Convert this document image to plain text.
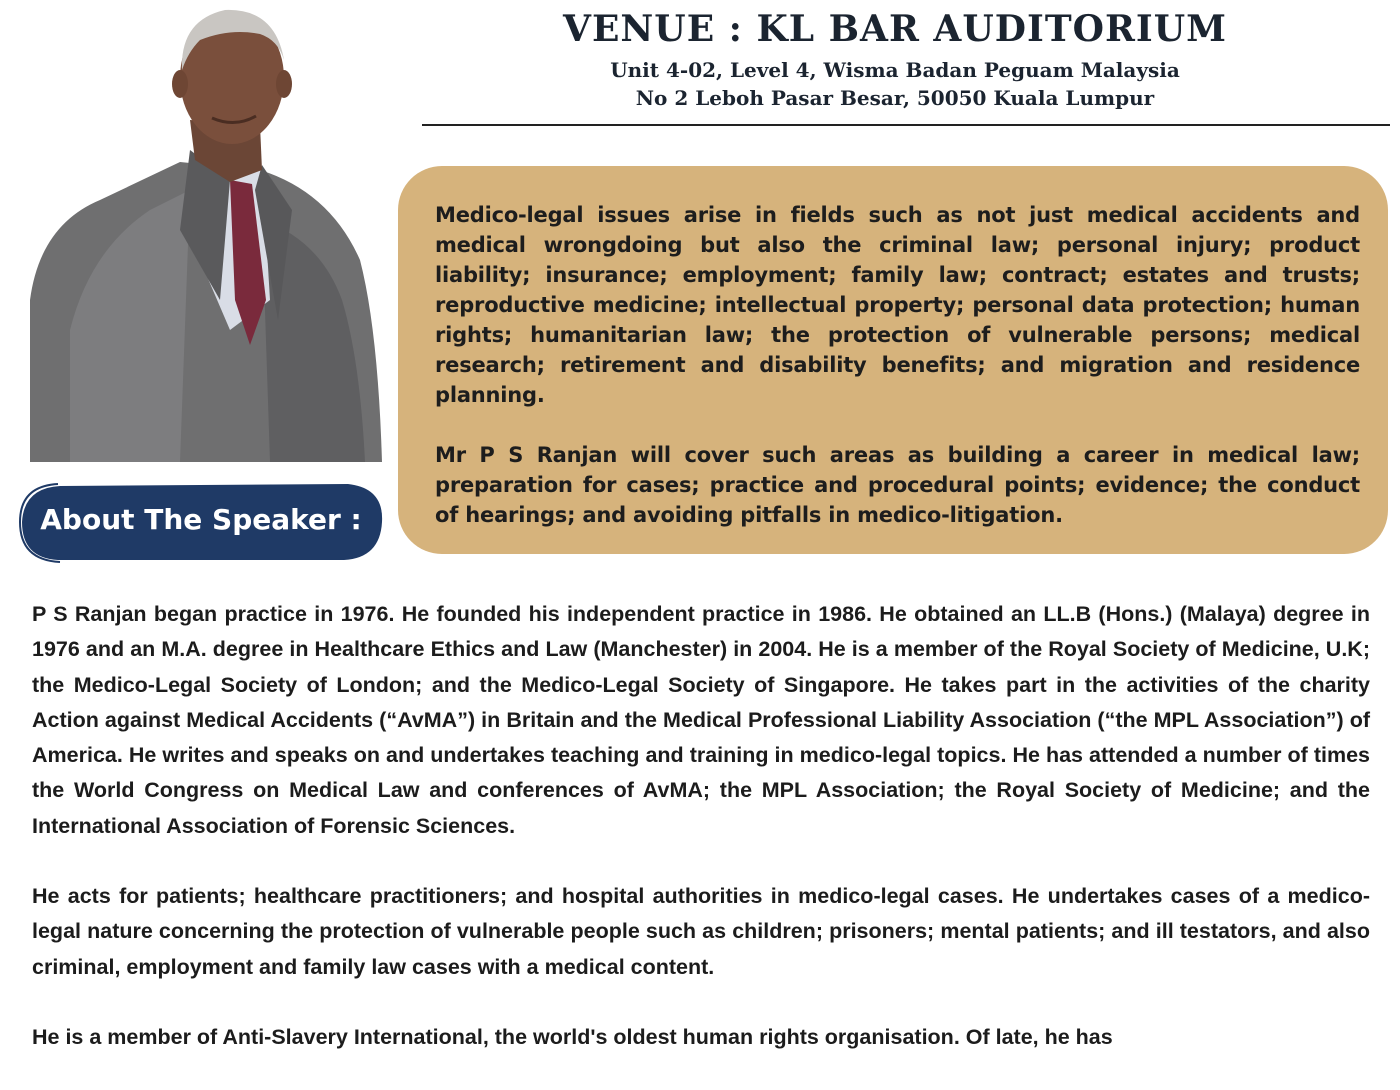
VENUE : KL BAR AUDITORIUM
Unit 4-02, Level 4, Wisma Badan Peguam Malaysia
No 2 Leboh Pasar Besar, 50050 Kuala Lumpur

Medico-legal issues arise in fields such as not just medical accidents and medical wrongdoing but also the criminal law; personal injury; product liability; insurance; employment; family law; contract; estates and trusts; reproductive medicine; intellectual property; personal data protection; human rights; humanitarian law; the protection of vulnerable persons; medical research; retirement and disability benefits; and migration and residence planning.

Mr P S Ranjan will cover such areas as building a career in medical law; preparation for cases; practice and procedural points; evidence; the conduct of hearings; and avoiding pitfalls in medico-litigation.

About The Speaker :

P S Ranjan began practice in 1976. He founded his independent practice in 1986. He obtained an LL.B (Hons.) (Malaya) degree in 1976 and an M.A. degree in Healthcare Ethics and Law (Manchester) in 2004. He is a member of the Royal Society of Medicine, U.K; the Medico-Legal Society of London; and the Medico-Legal Society of Singapore. He takes part in the activities of the charity Action against Medical Accidents (“AvMA”) in Britain and the Medical Professional Liability Association (“the MPL Association”) of America. He writes and speaks on and undertakes teaching and training in medico-legal topics. He has attended a number of times the World Congress on Medical Law and conferences of AvMA; the MPL Association; the Royal Society of Medicine; and the International Association of Forensic Sciences.

He acts for patients; healthcare practitioners; and hospital authorities in medico-legal cases. He undertakes cases of a medico-legal nature concerning the protection of vulnerable people such as children; prisoners; mental patients; and ill testators, and also criminal, employment and family law cases with a medical content.

He is a member of Anti-Slavery International, the world's oldest human rights organisation. Of late, he has
